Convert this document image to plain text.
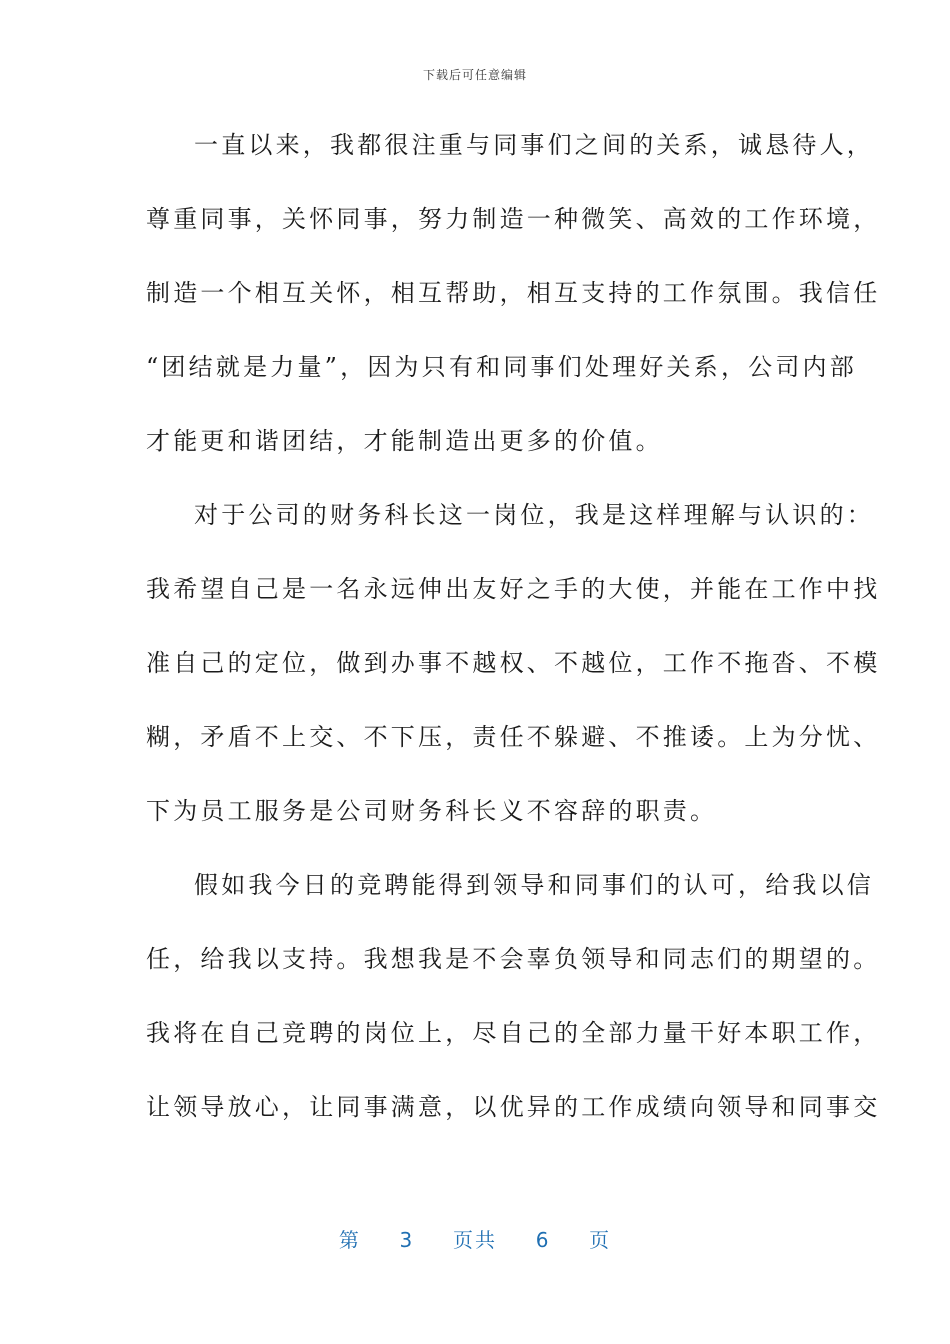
下载后可任意编辑
一直以来，我都很注重与同事们之间的关系，诚恳待人，
尊重同事，关怀同事，努力制造一种微笑、高效的工作环境，
制造一个相互关怀，相互帮助，相互支持的工作氛围。我信任
“团结就是力量”，因为只有和同事们处理好关系，公司内部
才能更和谐团结，才能制造出更多的价值。
对于公司的财务科长这一岗位，我是这样理解与认识的：
我希望自己是一名永远伸出友好之手的大使，并能在工作中找
准自己的定位，做到办事不越权、不越位，工作不拖沓、不模
糊，矛盾不上交、不下压，责任不躲避、不推诿。上为分忧、
下为员工服务是公司财务科长义不容辞的职责。
假如我今日的竞聘能得到领导和同事们的认可，给我以信
任，给我以支持。我想我是不会辜负领导和同志们的期望的。
我将在自己竞聘的岗位上，尽自己的全部力量干好本职工作，
让领导放心，让同事满意，以优异的工作成绩向领导和同事交
第 3 页共 6 页
